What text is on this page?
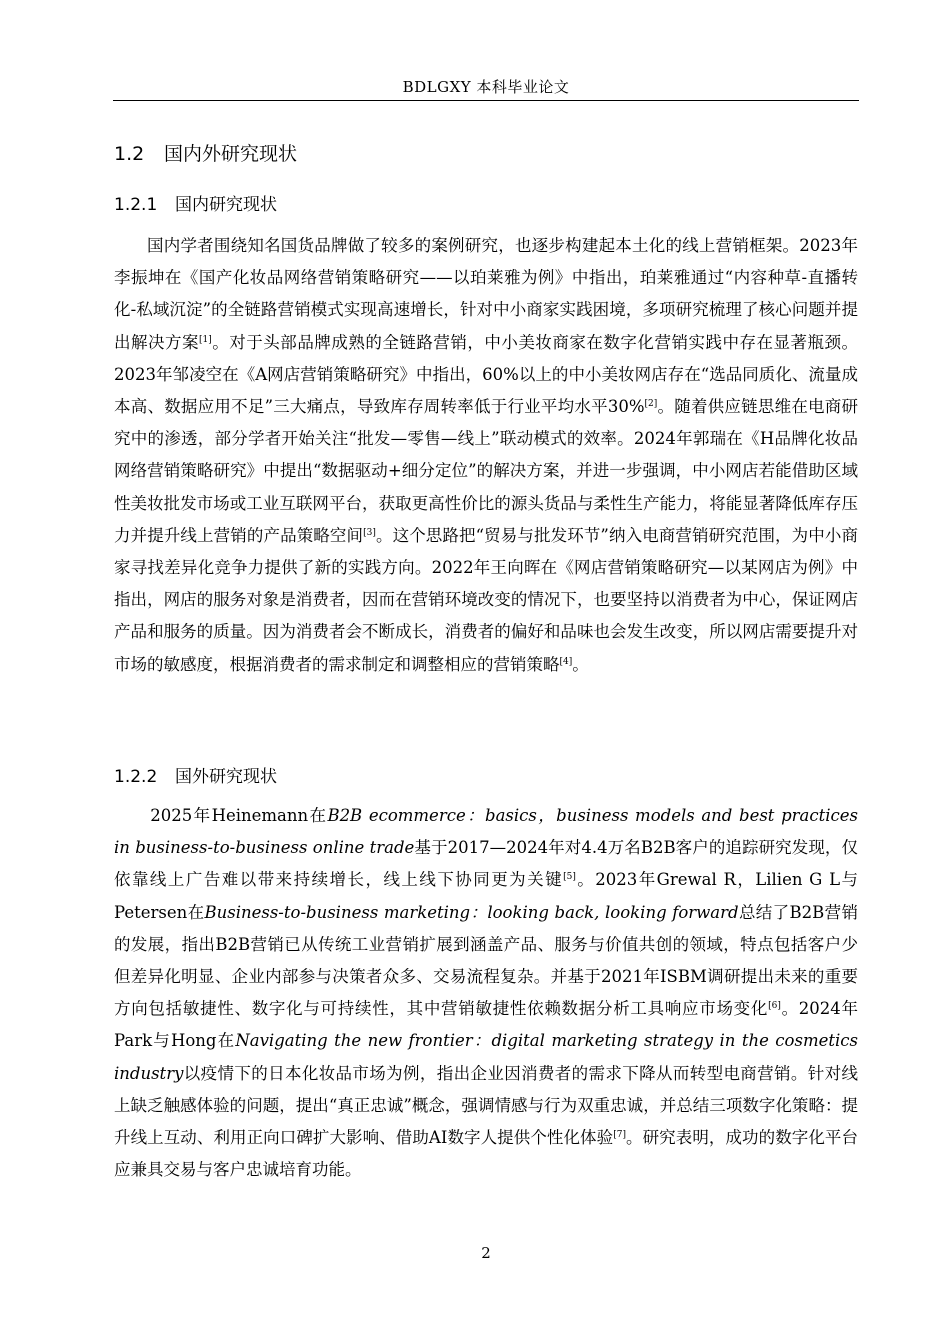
BDLGXY 本科毕业论文
1.2 国内外研究现状
1.2.1 国内研究现状

国内学者围绕知名国货品牌做了较多的案例研究，也逐步构建起本土化的线上营销框架。2023年李振坤在《国产化妆品网络营销策略研究——以珀莱雅为例》中指出，珀莱雅通过“内容种草-直播转化-私域沉淀”的全链路营销模式实现高速增长，针对中小商家实践困境，多项研究梳理了核心问题并提出解决方案[1]。对于头部品牌成熟的全链路营销，中小美妆商家在数字化营销实践中存在显著瓶颈。2023年邹凌空在《A网店营销策略研究》中指出，60%以上的中小美妆网店存在“选品同质化、流量成本高、数据应用不足”三大痛点，导致库存周转率低于行业平均水平30%[2]。随着供应链思维在电商研究中的渗透，部分学者开始关注“批发—零售—线上”联动模式的效率。2024年郭瑞在《H品牌化妆品网络营销策略研究》中提出“数据驱动+细分定位”的解决方案，并进一步强调，中小网店若能借助区域性美妆批发市场或工业互联网平台，获取更高性价比的源头货品与柔性生产能力，将能显著降低库存压力并提升线上营销的产品策略空间[3]。这个思路把“贸易与批发环节”纳入电商营销研究范围，为中小商家寻找差异化竞争力提供了新的实践方向。2022年王向晖在《网店营销策略研究—以某网店为例》中指出，网店的服务对象是消费者，因而在营销环境改变的情况下，也要坚持以消费者为中心，保证网店产品和服务的质量。因为消费者会不断成长，消费者的偏好和品味也会发生改变，所以网店需要提升对市场的敏感度，根据消费者的需求制定和调整相应的营销策略[4]。

1.2.2 国外研究现状

2025年Heinemann在B2B ecommerce：basics，business models and best practices in business-to-business online trade基于2017—2024年对4.4万名B2B客户的追踪研究发现，仅依靠线上广告难以带来持续增长，线上线下协同更为关键[5]。2023年Grewal R，Lilien G L与 Petersen在Business-to-business marketing：looking back, looking forward总结了B2B营销的发展，指出B2B营销已从传统工业营销扩展到涵盖产品、服务与价值共创的领域，特点包括客户少但差异化明显、企业内部参与决策者众多、交易流程复杂。并基于2021年ISBM调研提出未来的重要方向包括敏捷性、数字化与可持续性，其中营销敏捷性依赖数据分析工具响应市场变化[6]。2024年Park与Hong在Navigating the new frontier：digital marketing strategy in the cosmetics industry以疫情下的日本化妆品市场为例，指出企业因消费者的需求下降从而转型电商营销。针对线上缺乏触感体验的问题，提出“真正忠诚”概念，强调情感与行为双重忠诚，并总结三项数字化策略：提升线上互动、利用正向口碑扩大影响、借助AI数字人提供个性化体验[7]。研究表明，成功的数字化平台应兼具交易与客户忠诚培育功能。

2
